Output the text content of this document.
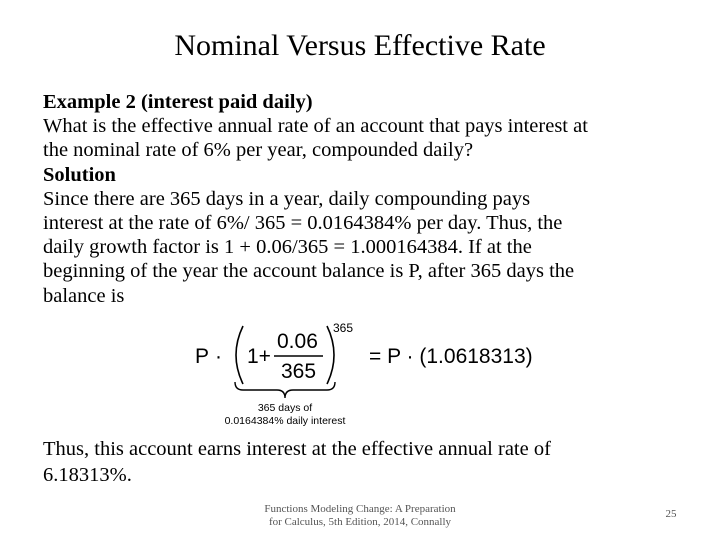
Nominal Versus Effective Rate
Example 2 (interest paid daily)
What is the effective annual rate of an account that pays interest at
the nominal rate of 6% per year, compounded daily?
Solution
Since there are 365 days in a year, daily compounding pays
interest at the rate of 6%/ 365 = 0.0164384% per day. Thus, the
daily growth factor is 1 + 0.06/365 = 1.000164384. If at the
beginning of the year the account balance is P, after 365 days the
balance is
P · 1+
0.06
365
365
= P · (1.0618313)
365 days of
0.0164384% daily interest
Thus, this account earns interest at the effective annual rate of
6.18313%.
Functions Modeling Change: A Preparation
for Calculus, 5th Edition, 2014, Connally
25
